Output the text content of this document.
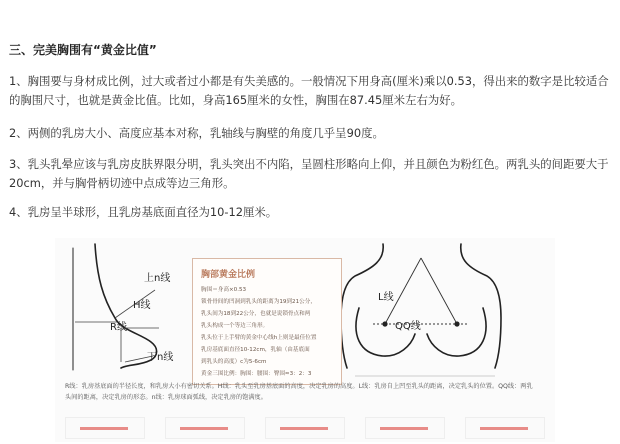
三、完美胸围有“黄金比值”
1、胸围要与身材成比例，过大或者过小都是有失美感的。一般情况下用身高(厘米)乘以0.53，得出来的数字是比较适合的胸围尺寸，也就是黄金比值。比如，身高165厘米的女性，胸围在87.45厘米左右为好。
2、两侧的乳房大小、高度应基本对称，乳轴线与胸壁的角度几乎呈90度。
3、乳头乳晕应该与乳房皮肤界限分明，乳头突出不内陷，呈圆柱形略向上仰，并且颜色为粉红色。两乳头的间距要大于20cm，并与胸骨柄切迹中点成等边三角形。
4、乳房呈半球形，且乳房基底面直径为10-12厘米。
上n线
H线
R线
下n线
L线
QQ线
胸部黄金比例
胸围＝身高×0.53
锁骨骨间的凹洞到乳头的距离为19到21公分，
乳头间为18到22公分，也就是说锁骨点和两
乳头构成一个等边三角形。
乳头位于上手臂的黄金中心线h上则是最佳位置
乳房基底面直径10-12cm，乳轴（由基底面
到乳头的高度）c为5-6cm
黄金三围比例：胸围：腰围：臀围≈3：2：3
R线：乳房基底面的半径长度，和乳房大小有密切关系。H线：乳头至乳房基底面的高度，决定乳房的高度。L线：乳房自上凹至乳头的距离，决定乳头的位置。QQ线：两乳头间的距离，决定乳房的形态。n线：乳房球面弧线，决定乳房的饱满度。
